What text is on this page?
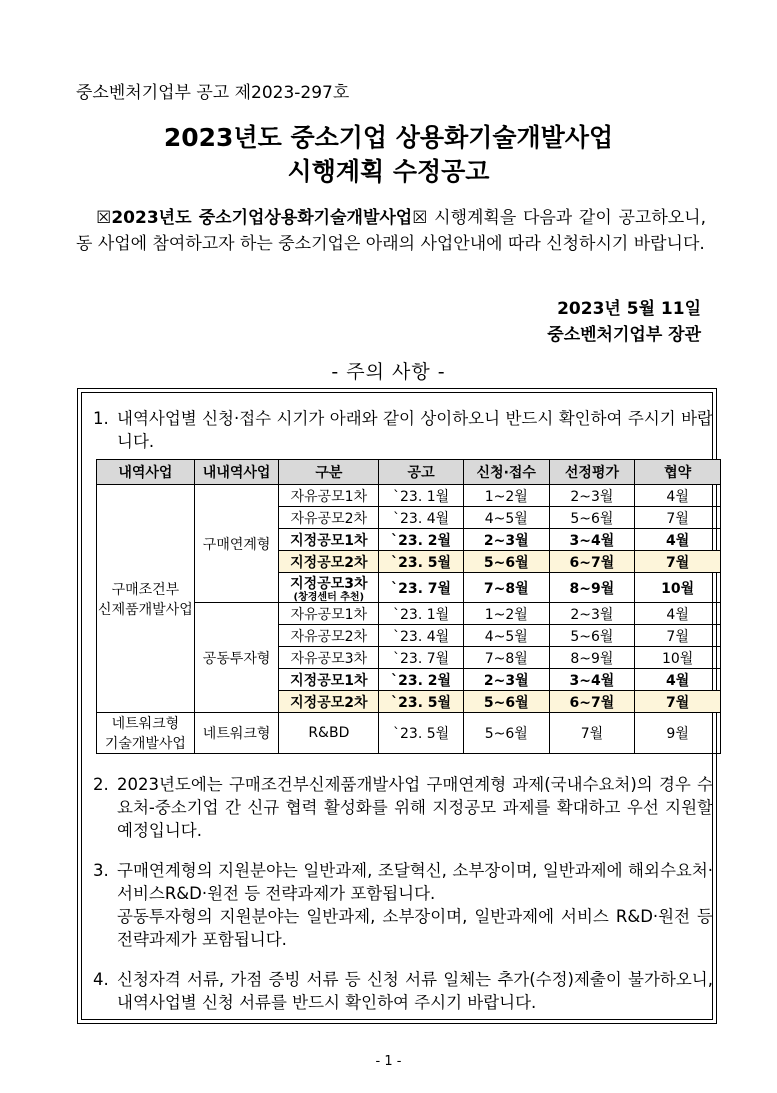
중소벤처기업부 공고 제2023-297호
2023년도 중소기업 상용화기술개발사업
시행계획 수정공고
☒2023년도 중소기업상용화기술개발사업☒ 시행계획을 다음과 같이 공고하오니, 동 사업에 참여하고자 하는 중소기업은 아래의 사업안내에 따라 신청하시기 바랍니다.
2023년 5월 11일
중소벤처기업부 장관
- 주의 사항 -
1. 내역사업별 신청·접수 시기가 아래와 같이 상이하오니 반드시 확인하여 주시기 바랍니다.
내역사업	내내역사업	구분	공고	신청·접수	선정평가	협약
구매조건부
신제품개발사업	구매연계형	자유공모1차	`23. 1월	1~2월	2~3월	4월
		자유공모2차	`23. 4월	4~5월	5~6월	7월
		지정공모1차	`23. 2월	2~3월	3~4월	4월
		지정공모2차	`23. 5월	5~6월	6~7월	7월
		지정공모3차
(창경센터 추천)	`23. 7월	7~8월	8~9월	10월
	공동투자형	자유공모1차	`23. 1월	1~2월	2~3월	4월
		자유공모2차	`23. 4월	4~5월	5~6월	7월
		자유공모3차	`23. 7월	7~8월	8~9월	10월
		지정공모1차	`23. 2월	2~3월	3~4월	4월
		지정공모2차	`23. 5월	5~6월	6~7월	7월
네트워크형
기술개발사업	네트워크형	R&BD	`23. 5월	5~6월	7월	9월
2. 2023년도에는 구매조건부신제품개발사업 구매연계형 과제(국내수요처)의 경우 수요처-중소기업 간 신규 협력 활성화를 위해 지정공모 과제를 확대하고 우선 지원할 예정입니다.
3. 구매연계형의 지원분야는 일반과제, 조달혁신, 소부장이며, 일반과제에 해외수요처·서비스R&D·원전 등 전략과제가 포함됩니다.
공동투자형의 지원분야는 일반과제, 소부장이며, 일반과제에 서비스 R&D·원전 등 전략과제가 포함됩니다.
4. 신청자격 서류, 가점 증빙 서류 등 신청 서류 일체는 추가(수정)제출이 불가하오니, 내역사업별 신청 서류를 반드시 확인하여 주시기 바랍니다.
- 1 -
